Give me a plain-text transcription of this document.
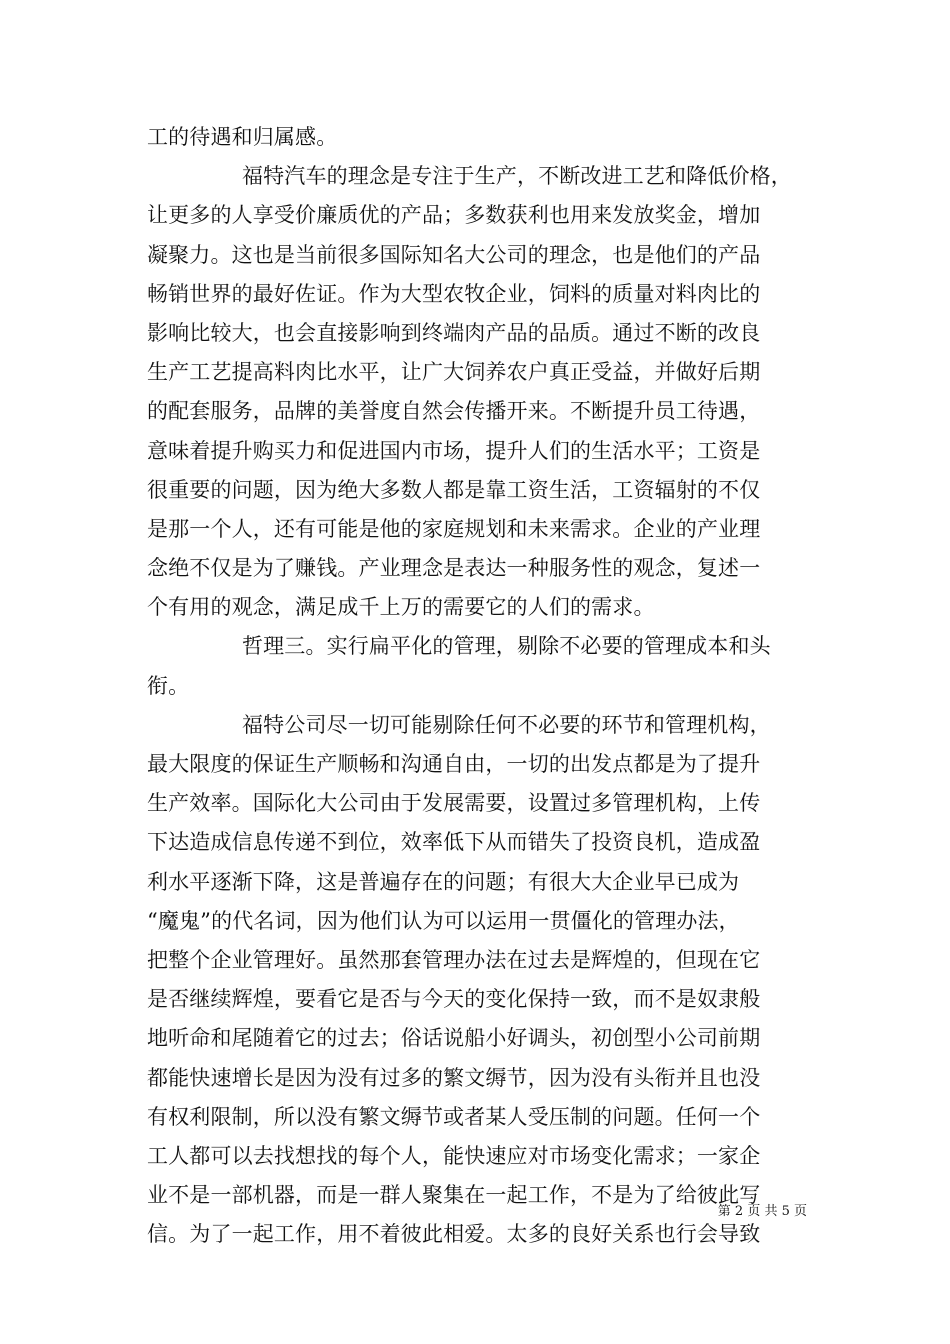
工的待遇和归属感。
福特汽车的理念是专注于生产，不断改进工艺和降低价格，
让更多的人享受价廉质优的产品；多数获利也用来发放奖金，增加
凝聚力。这也是当前很多国际知名大公司的理念，也是他们的产品
畅销世界的最好佐证。作为大型农牧企业，饲料的质量对料肉比的
影响比较大，也会直接影响到终端肉产品的品质。通过不断的改良
生产工艺提高料肉比水平，让广大饲养农户真正受益，并做好后期
的配套服务，品牌的美誉度自然会传播开来。不断提升员工待遇，
意味着提升购买力和促进国内市场，提升人们的生活水平；工资是
很重要的问题，因为绝大多数人都是靠工资生活，工资辐射的不仅
是那一个人，还有可能是他的家庭规划和未来需求。企业的产业理
念绝不仅是为了赚钱。产业理念是表达一种服务性的观念，复述一
个有用的观念，满足成千上万的需要它的人们的需求。
哲理三。实行扁平化的管理，剔除不必要的管理成本和头
衔。
福特公司尽一切可能剔除任何不必要的环节和管理机构，
最大限度的保证生产顺畅和沟通自由，一切的出发点都是为了提升
生产效率。国际化大公司由于发展需要，设置过多管理机构，上传
下达造成信息传递不到位，效率低下从而错失了投资良机，造成盈
利水平逐渐下降，这是普遍存在的问题；有很大大企业早已成为
“魔鬼”的代名词，因为他们认为可以运用一贯僵化的管理办法，
把整个企业管理好。虽然那套管理办法在过去是辉煌的，但现在它
是否继续辉煌，要看它是否与今天的变化保持一致，而不是奴隶般
地听命和尾随着它的过去；俗话说船小好调头，初创型小公司前期
都能快速增长是因为没有过多的繁文缛节，因为没有头衔并且也没
有权利限制，所以没有繁文缛节或者某人受压制的问题。任何一个
工人都可以去找想找的每个人，能快速应对市场变化需求；一家企
业不是一部机器，而是一群人聚集在一起工作，不是为了给彼此写
信。为了一起工作，用不着彼此相爱。太多的良好关系也行会导致
第 2 页 共 5 页
